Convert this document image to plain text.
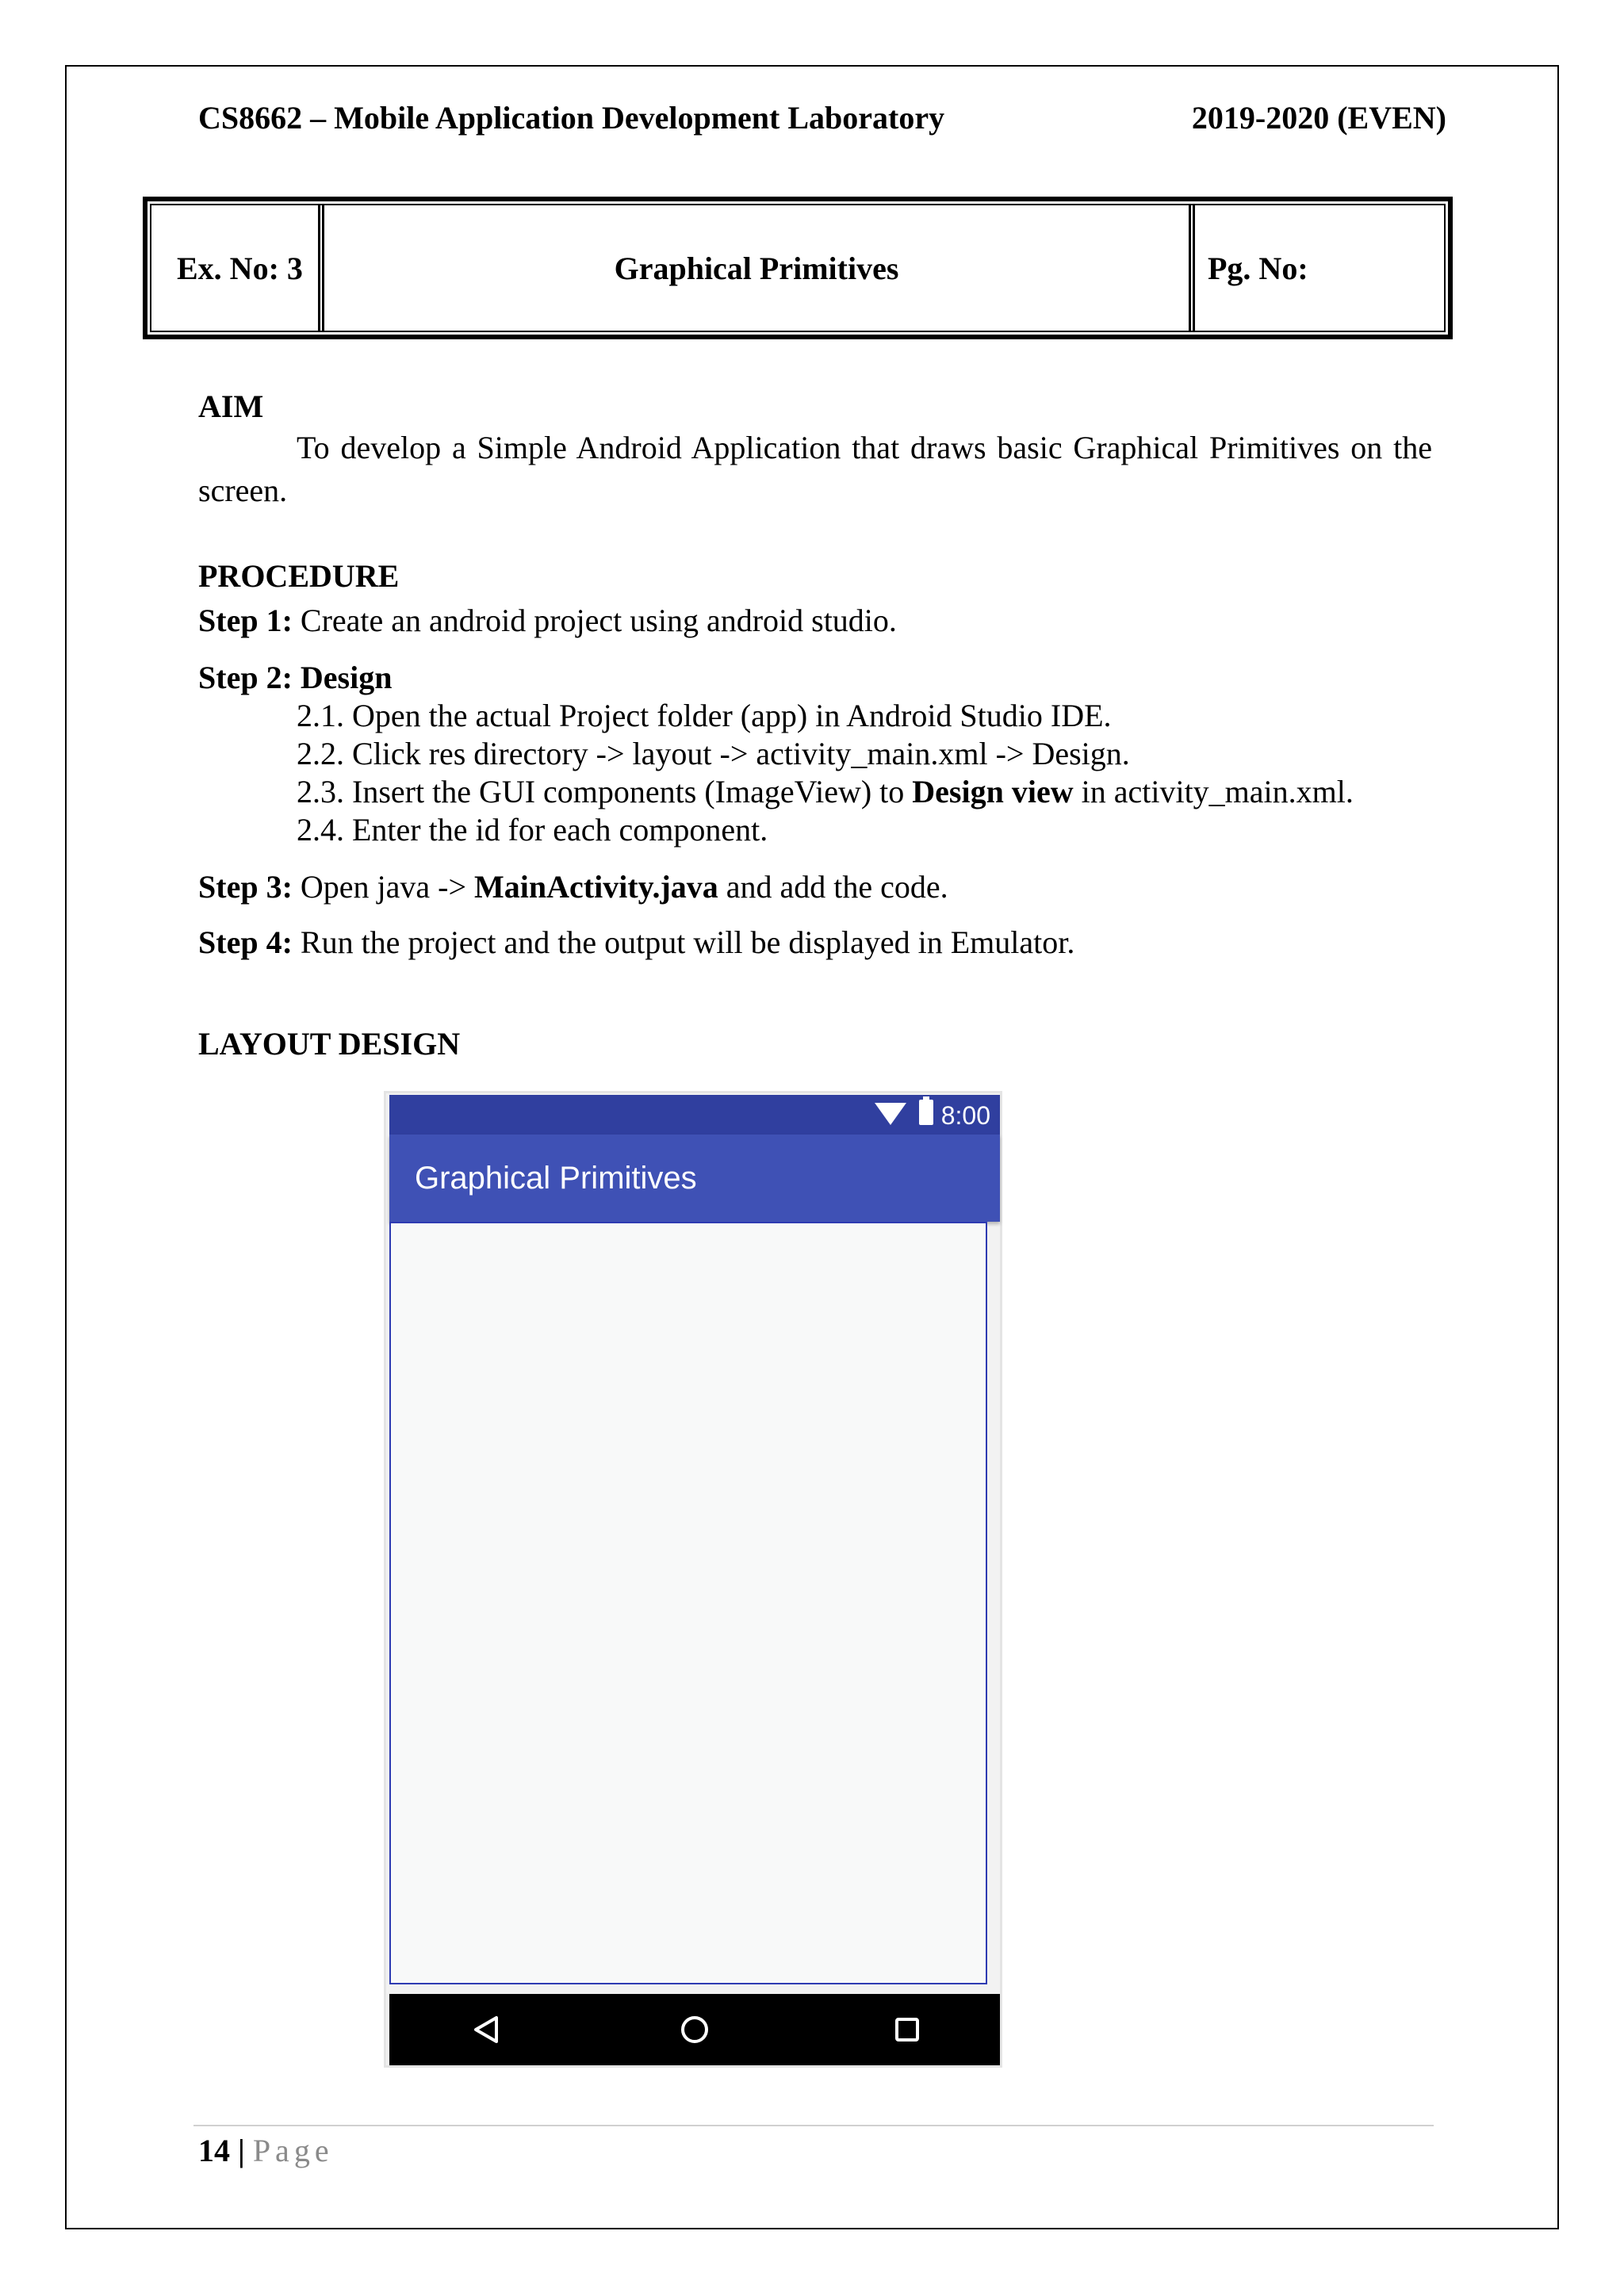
CS8662 – Mobile Application Development Laboratory	2019-2020 (EVEN)
Ex. No: 3	Graphical Primitives	Pg. No:
AIM
To develop a Simple Android Application that draws basic Graphical Primitives on the screen.
PROCEDURE
Step 1: Create an android project using android studio.
Step 2: Design
2.1. Open the actual Project folder (app) in Android Studio IDE.
2.2. Click res directory -> layout -> activity_main.xml -> Design.
2.3. Insert the GUI components (ImageView) to Design view in activity_main.xml.
2.4. Enter the id for each component.
Step 3: Open java -> MainActivity.java and add the code.
Step 4: Run the project and the output will be displayed in Emulator.
LAYOUT DESIGN
8:00
Graphical Primitives
14 | Page
